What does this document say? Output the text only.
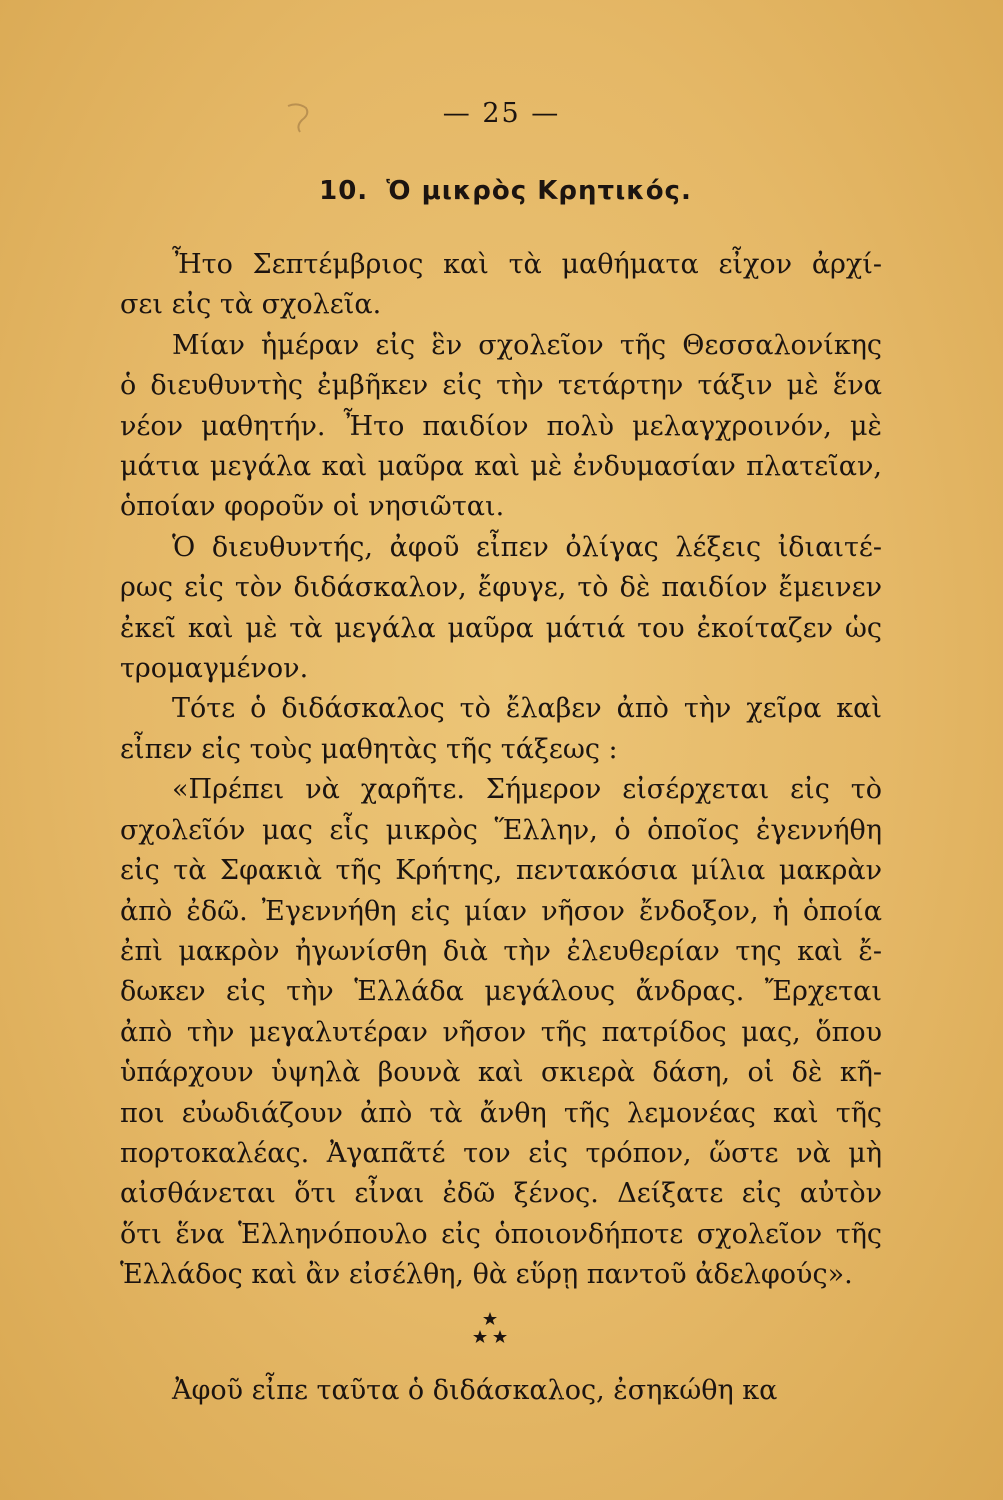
— 25 —
10. Ὁ μικρὸς Κρητικός.
Ἦτο Σεπτέμβριος καὶ τὰ μαθήματα εἶχον ἀρχί-
σει εἰς τὰ σχολεῖα.
Μίαν ἡμέραν εἰς ἓν σχολεῖον τῆς Θεσσαλονίκης
ὁ διευθυντὴς ἐμβῆκεν εἰς τὴν τετάρτην τάξιν μὲ ἕνα
νέον μαθητήν. Ἦτο παιδίον πολὺ μελαγχροινόν, μὲ
μάτια μεγάλα καὶ μαῦρα καὶ μὲ ἐνδυμασίαν πλατεῖαν,
ὁποίαν φοροῦν οἱ νησιῶται.
Ὁ διευθυντής, ἀφοῦ εἶπεν ὀλίγας λέξεις ἰδιαιτέ-
ρως εἰς τὸν διδάσκαλον, ἔφυγε, τὸ δὲ παιδίον ἔμεινεν
ἐκεῖ καὶ μὲ τὰ μεγάλα μαῦρα μάτιά του ἐκοίταζεν ὡς
τρομαγμένον.
Τότε ὁ διδάσκαλος τὸ ἔλαβεν ἀπὸ τὴν χεῖρα καὶ
εἶπεν εἰς τοὺς μαθητὰς τῆς τάξεως :
«Πρέπει νὰ χαρῆτε. Σήμερον εἰσέρχεται εἰς τὸ
σχολεῖόν μας εἷς μικρὸς Ἕλλην, ὁ ὁποῖος ἐγεννήθη
εἰς τὰ Σφακιὰ τῆς Κρήτης, πεντακόσια μίλια μακρὰν
ἀπὸ ἐδῶ. Ἐγεννήθη εἰς μίαν νῆσον ἔνδοξον, ἡ ὁποία
ἐπὶ μακρὸν ἠγωνίσθη διὰ τὴν ἐλευθερίαν της καὶ ἔ-
δωκεν εἰς τὴν Ἑλλάδα μεγάλους ἄνδρας. Ἔρχεται
ἀπὸ τὴν μεγαλυτέραν νῆσον τῆς πατρίδος μας, ὅπου
ὑπάρχουν ὑψηλὰ βουνὰ καὶ σκιερὰ δάση, οἱ δὲ κῆ-
ποι εὐωδιάζουν ἀπὸ τὰ ἄνθη τῆς λεμονέας καὶ τῆς
πορτοκαλέας. Ἀγαπᾶτέ τον εἰς τρόπον, ὥστε νὰ μὴ
αἰσθάνεται ὅτι εἶναι ἐδῶ ξένος. Δείξατε εἰς αὐτὸν
ὅτι ἕνα Ἑλληνόπουλο εἰς ὁποιονδήποτε σχολεῖον τῆς
Ἑλλάδος καὶ ἂν εἰσέλθη, θὰ εὕρῃ παντοῦ ἀδελφούς».
Ἀφοῦ εἶπε ταῦτα ὁ διδάσκαλος, ἐσηκώθη κα
